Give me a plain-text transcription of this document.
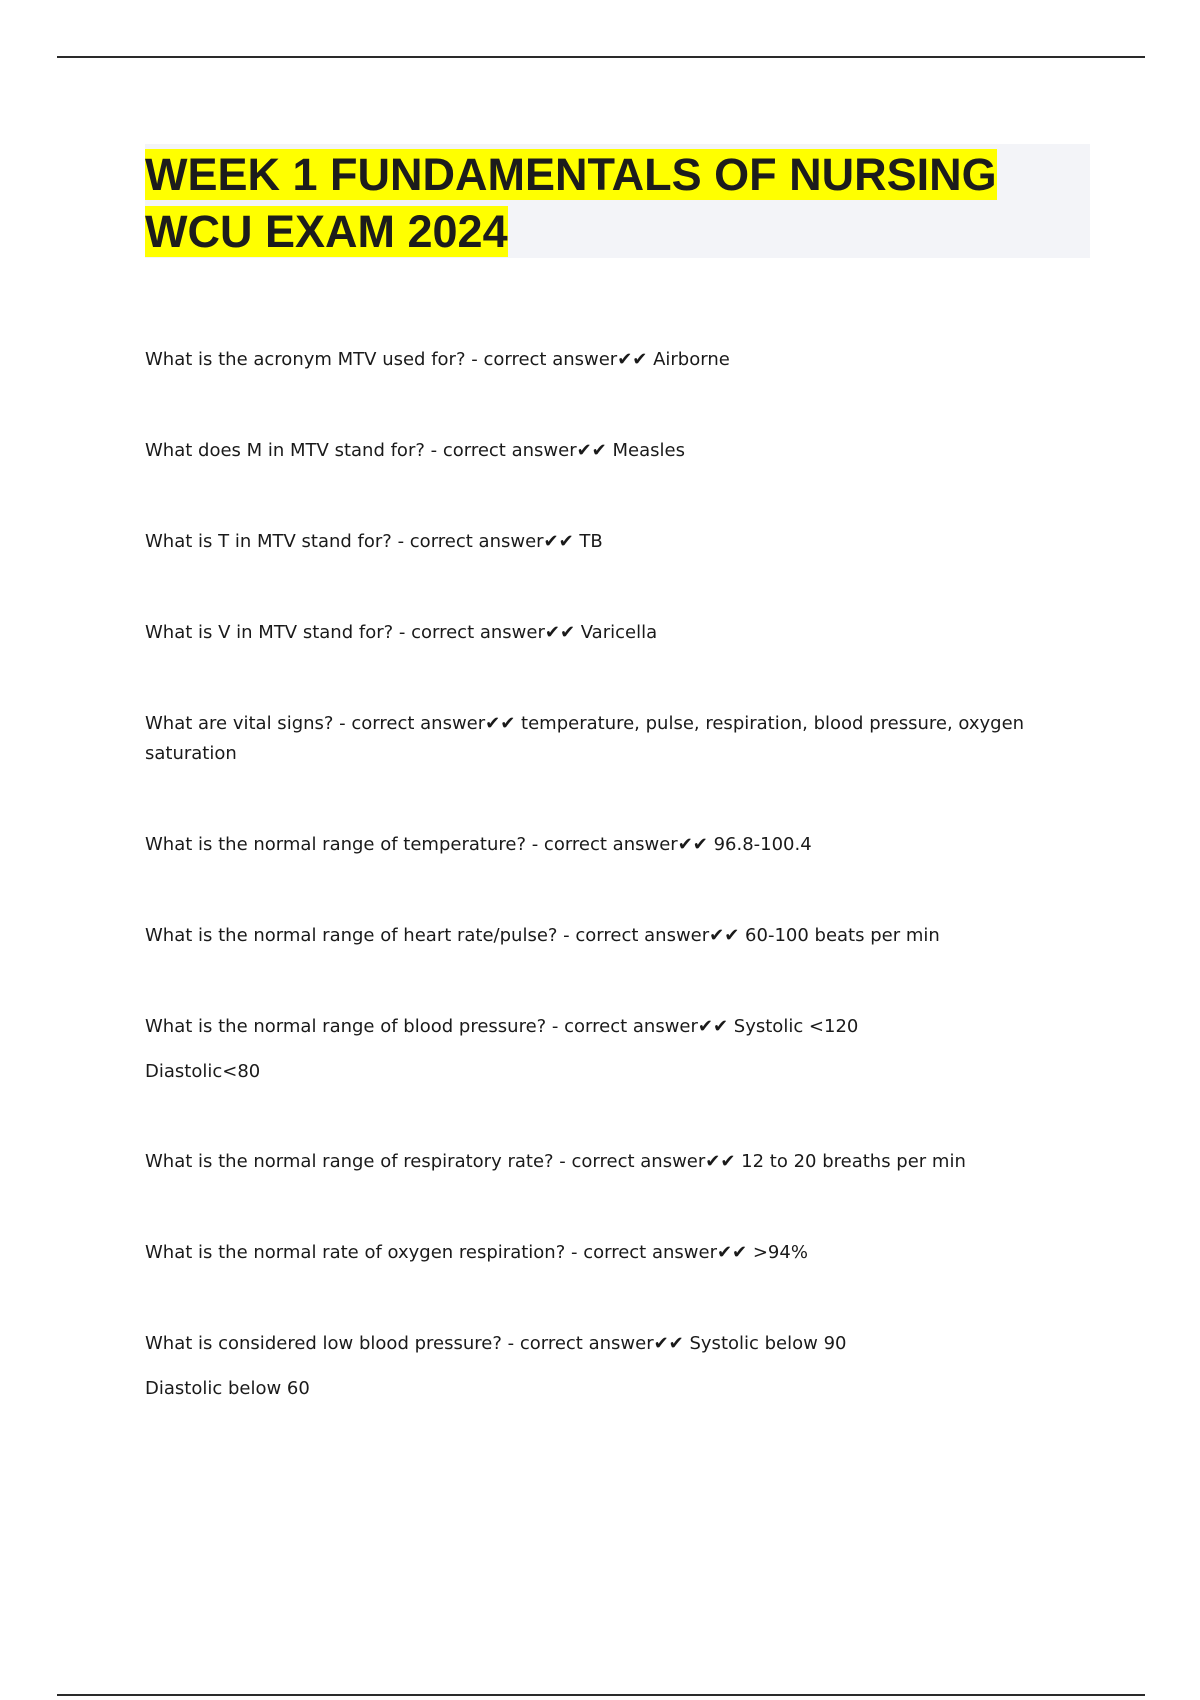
WEEK 1 FUNDAMENTALS OF NURSING
WCU EXAM 2024
What is the acronym MTV used for? - correct answer✔✔ Airborne
What does M in MTV stand for? - correct answer✔✔ Measles
What is T in MTV stand for? - correct answer✔✔ TB
What is V in MTV stand for? - correct answer✔✔ Varicella
What are vital signs? - correct answer✔✔ temperature, pulse, respiration, blood pressure, oxygen saturation
What is the normal range of temperature? - correct answer✔✔ 96.8-100.4
What is the normal range of heart rate/pulse? - correct answer✔✔ 60-100 beats per min
What is the normal range of blood pressure? - correct answer✔✔ Systolic <120
Diastolic<80
What is the normal range of respiratory rate? - correct answer✔✔ 12 to 20 breaths per min
What is the normal rate of oxygen respiration? - correct answer✔✔ >94%
What is considered low blood pressure? - correct answer✔✔ Systolic below 90
Diastolic below 60
